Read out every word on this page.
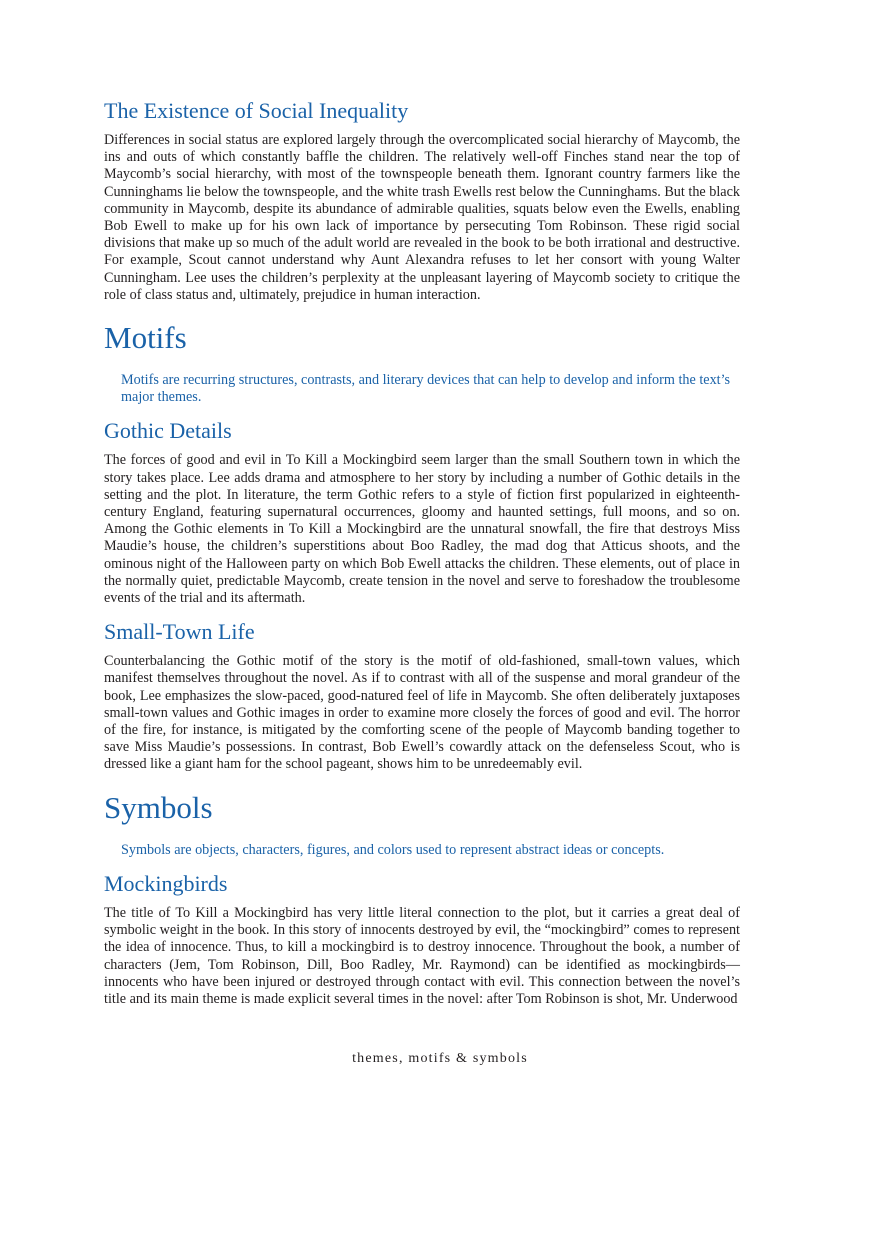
The Existence of Social Inequality

Differences in social status are explored largely through the overcomplicated social hierarchy of Maycomb, the ins and outs of which constantly baffle the children. The relatively well-off Finches stand near the top of Maycomb’s social hierarchy, with most of the townspeople beneath them. Ignorant country farmers like the Cunninghams lie below the townspeople, and the white trash Ewells rest below the Cunninghams. But the black community in Maycomb, despite its abundance of admirable qualities, squats below even the Ewells, enabling Bob Ewell to make up for his own lack of importance by persecuting Tom Robinson. These rigid social divisions that make up so much of the adult world are revealed in the book to be both irrational and destructive. For example, Scout cannot understand why Aunt Alexandra refuses to let her consort with young Walter Cunningham. Lee uses the children’s perplexity at the unpleasant layering of Maycomb society to critique the role of class status and, ultimately, prejudice in human interaction.

Motifs

Motifs are recurring structures, contrasts, and literary devices that can help to develop and inform the text’s major themes.

Gothic Details

The forces of good and evil in To Kill a Mockingbird seem larger than the small Southern town in which the story takes place. Lee adds drama and atmosphere to her story by including a number of Gothic details in the setting and the plot. In literature, the term Gothic refers to a style of fiction first popularized in eighteenth-century England, featuring supernatural occurrences, gloomy and haunted settings, full moons, and so on. Among the Gothic elements in To Kill a Mockingbird are the unnatural snowfall, the fire that destroys Miss Maudie’s house, the children’s superstitions about Boo Radley, the mad dog that Atticus shoots, and the ominous night of the Halloween party on which Bob Ewell attacks the children. These elements, out of place in the normally quiet, predictable Maycomb, create tension in the novel and serve to foreshadow the troublesome events of the trial and its aftermath.

Small-Town Life

Counterbalancing the Gothic motif of the story is the motif of old-fashioned, small-town values, which manifest themselves throughout the novel. As if to contrast with all of the suspense and moral grandeur of the book, Lee emphasizes the slow-paced, good-natured feel of life in Maycomb. She often deliberately juxtaposes small-town values and Gothic images in order to examine more closely the forces of good and evil. The horror of the fire, for instance, is mitigated by the comforting scene of the people of Maycomb banding together to save Miss Maudie’s possessions. In contrast, Bob Ewell’s cowardly attack on the defenseless Scout, who is dressed like a giant ham for the school pageant, shows him to be unredeemably evil.

Symbols

Symbols are objects, characters, figures, and colors used to represent abstract ideas or concepts.

Mockingbirds

The title of To Kill a Mockingbird has very little literal connection to the plot, but it carries a great deal of symbolic weight in the book. In this story of innocents destroyed by evil, the “mockingbird” comes to represent the idea of innocence. Thus, to kill a mockingbird is to destroy innocence. Throughout the book, a number of characters (Jem, Tom Robinson, Dill, Boo Radley, Mr. Raymond) can be identified as mockingbirds—innocents who have been injured or destroyed through contact with evil. This connection between the novel’s title and its main theme is made explicit several times in the novel: after Tom Robinson is shot, Mr. Underwood

themes, motifs & symbols
